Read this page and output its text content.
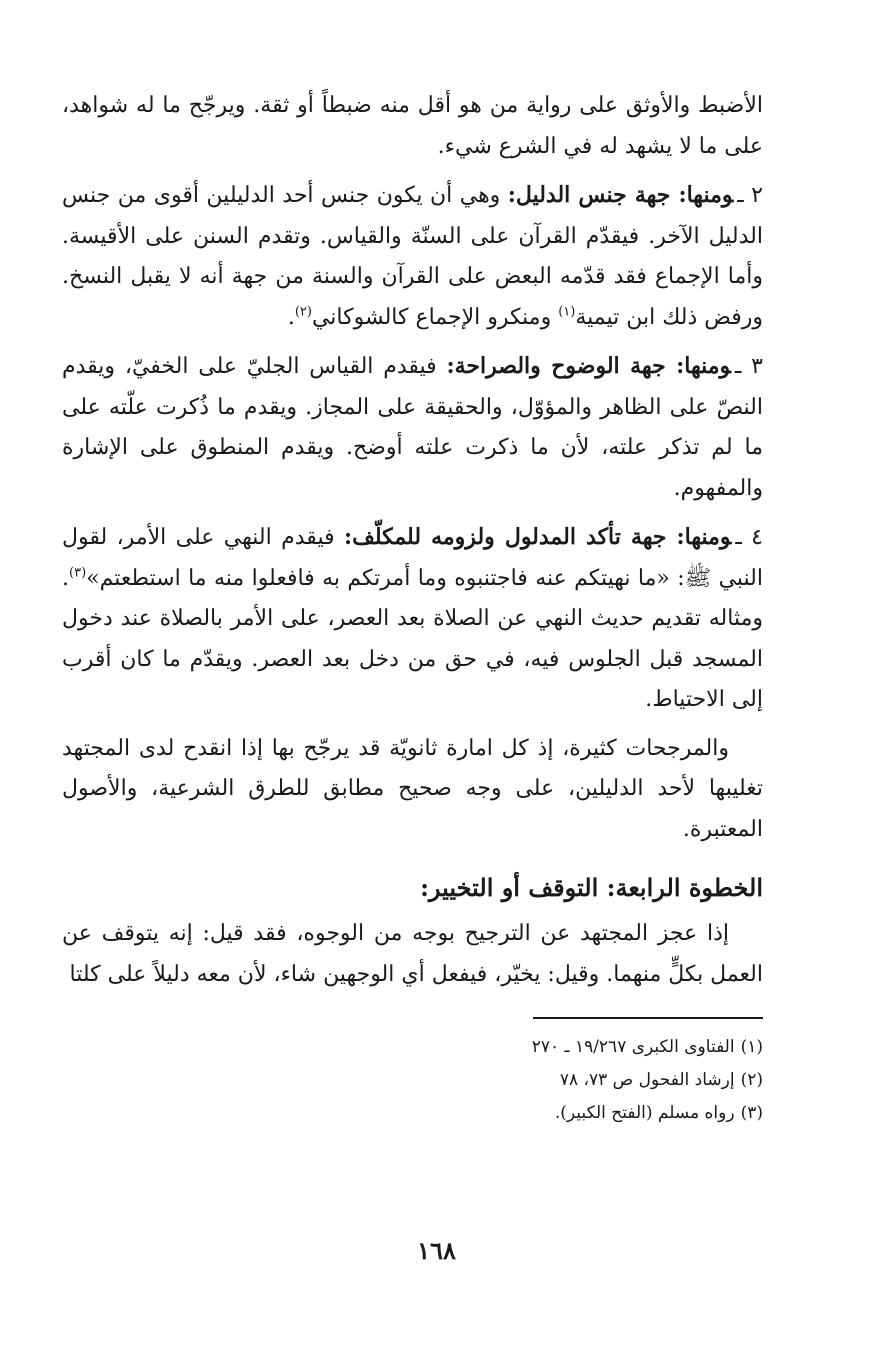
الأضبط والأوثق على رواية من هو أقل منه ضبطاً أو ثقة. ويرجّح ما له شواهد، على ما لا يشهد له في الشرع شيء.

٢ ـومنها: جهة جنس الدليل: وهي أن يكون جنس أحد الدليلين أقوى من جنس الدليل الآخر. فيقدّم القرآن على السنّة والقياس. وتقدم السنن على الأقيسة. وأما الإجماع فقد قدّمه البعض على القرآن والسنة من جهة أنه لا يقبل النسخ. ورفض ذلك ابن تيمية$^{(١)}$ ومنكرو الإجماع كالشوكاني$^{(٢)}$.

٣ ـومنها: جهة الوضوح والصراحة: فيقدم القياس الجليّ على الخفيّ، ويقدم النصّ على الظاهر والمؤوّل، والحقيقة على المجاز. ويقدم ما ذُكرت علّته على ما لم تذكر علته، لأن ما ذكرت علته أوضح. ويقدم المنطوق على الإشارة والمفهوم.

٤ ـومنها: جهة تأكد المدلول ولزومه للمكلّف: فيقدم النهي على الأمر، لقول النبي ﷺ: «ما نهيتكم عنه فاجتنبوه وما أمرتكم به فافعلوا منه ما استطعتم»$^{(٣)}$. ومثاله تقديم حديث النهي عن الصلاة بعد العصر، على الأمر بالصلاة عند دخول المسجد قبل الجلوس فيه، في حق من دخل بعد العصر. ويقدّم ما كان أقرب إلى الاحتياط.

والمرجحات كثيرة، إذ كل امارة ثانويّة قد يرجّح بها إذا انقدح لدى المجتهد تغليبها لأحد الدليلين، على وجه صحيح مطابق للطرق الشرعية، والأصول المعتبرة.

الخطوة الرابعة: التوقف أو التخيير:

إذا عجز المجتهد عن الترجيح بوجه من الوجوه، فقد قيل: إنه يتوقف عن العمل بكلٍّ منهما. وقيل: يخيّر، فيفعل أي الوجهين شاء، لأن معه دليلاً على كلتا

(١)الفتاوى الكبرى ١٩/٢٦٧ ـ ٢٧٠
(٢)إرشاد الفحول ص ٧٣، ٧٨
(٣)رواه مسلم (الفتح الكبير).
١٦٨
